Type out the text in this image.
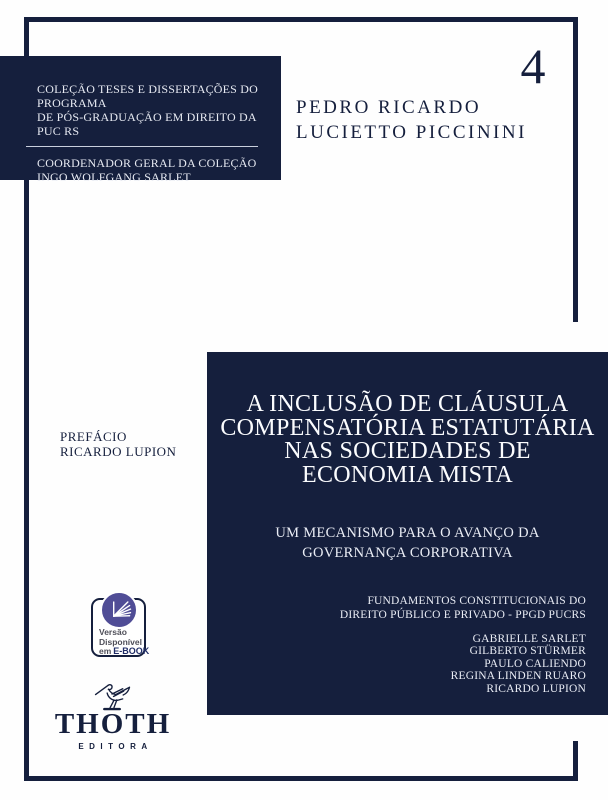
COLEÇÃO TESES E DISSERTAÇÕES DO PROGRAMA
DE PÓS-GRADUAÇÃO EM DIREITO DA PUC RS
COORDENADOR GERAL DA COLEÇÃO
INGO WOLFGANG SARLET
4
PEDRO RICARDO
LUCIETTO PICCININI
PREFÁCIO
RICARDO LUPION
A INCLUSÃO DE CLÁUSULA
COMPENSATÓRIA ESTATUTÁRIA
NAS SOCIEDADES DE
ECONOMIA MISTA
UM MECANISMO PARA O AVANÇO DA
GOVERNANÇA CORPORATIVA
FUNDAMENTOS CONSTITUCIONAIS DO
DIREITO PÚBLICO E PRIVADO - PPGD PUCRS
GABRIELLE SARLET
GILBERTO STÜRMER
PAULO CALIENDO
REGINA LINDEN RUARO
RICARDO LUPION
Versão
Disponível
em E-BOOK
THOTH
EDITORA
